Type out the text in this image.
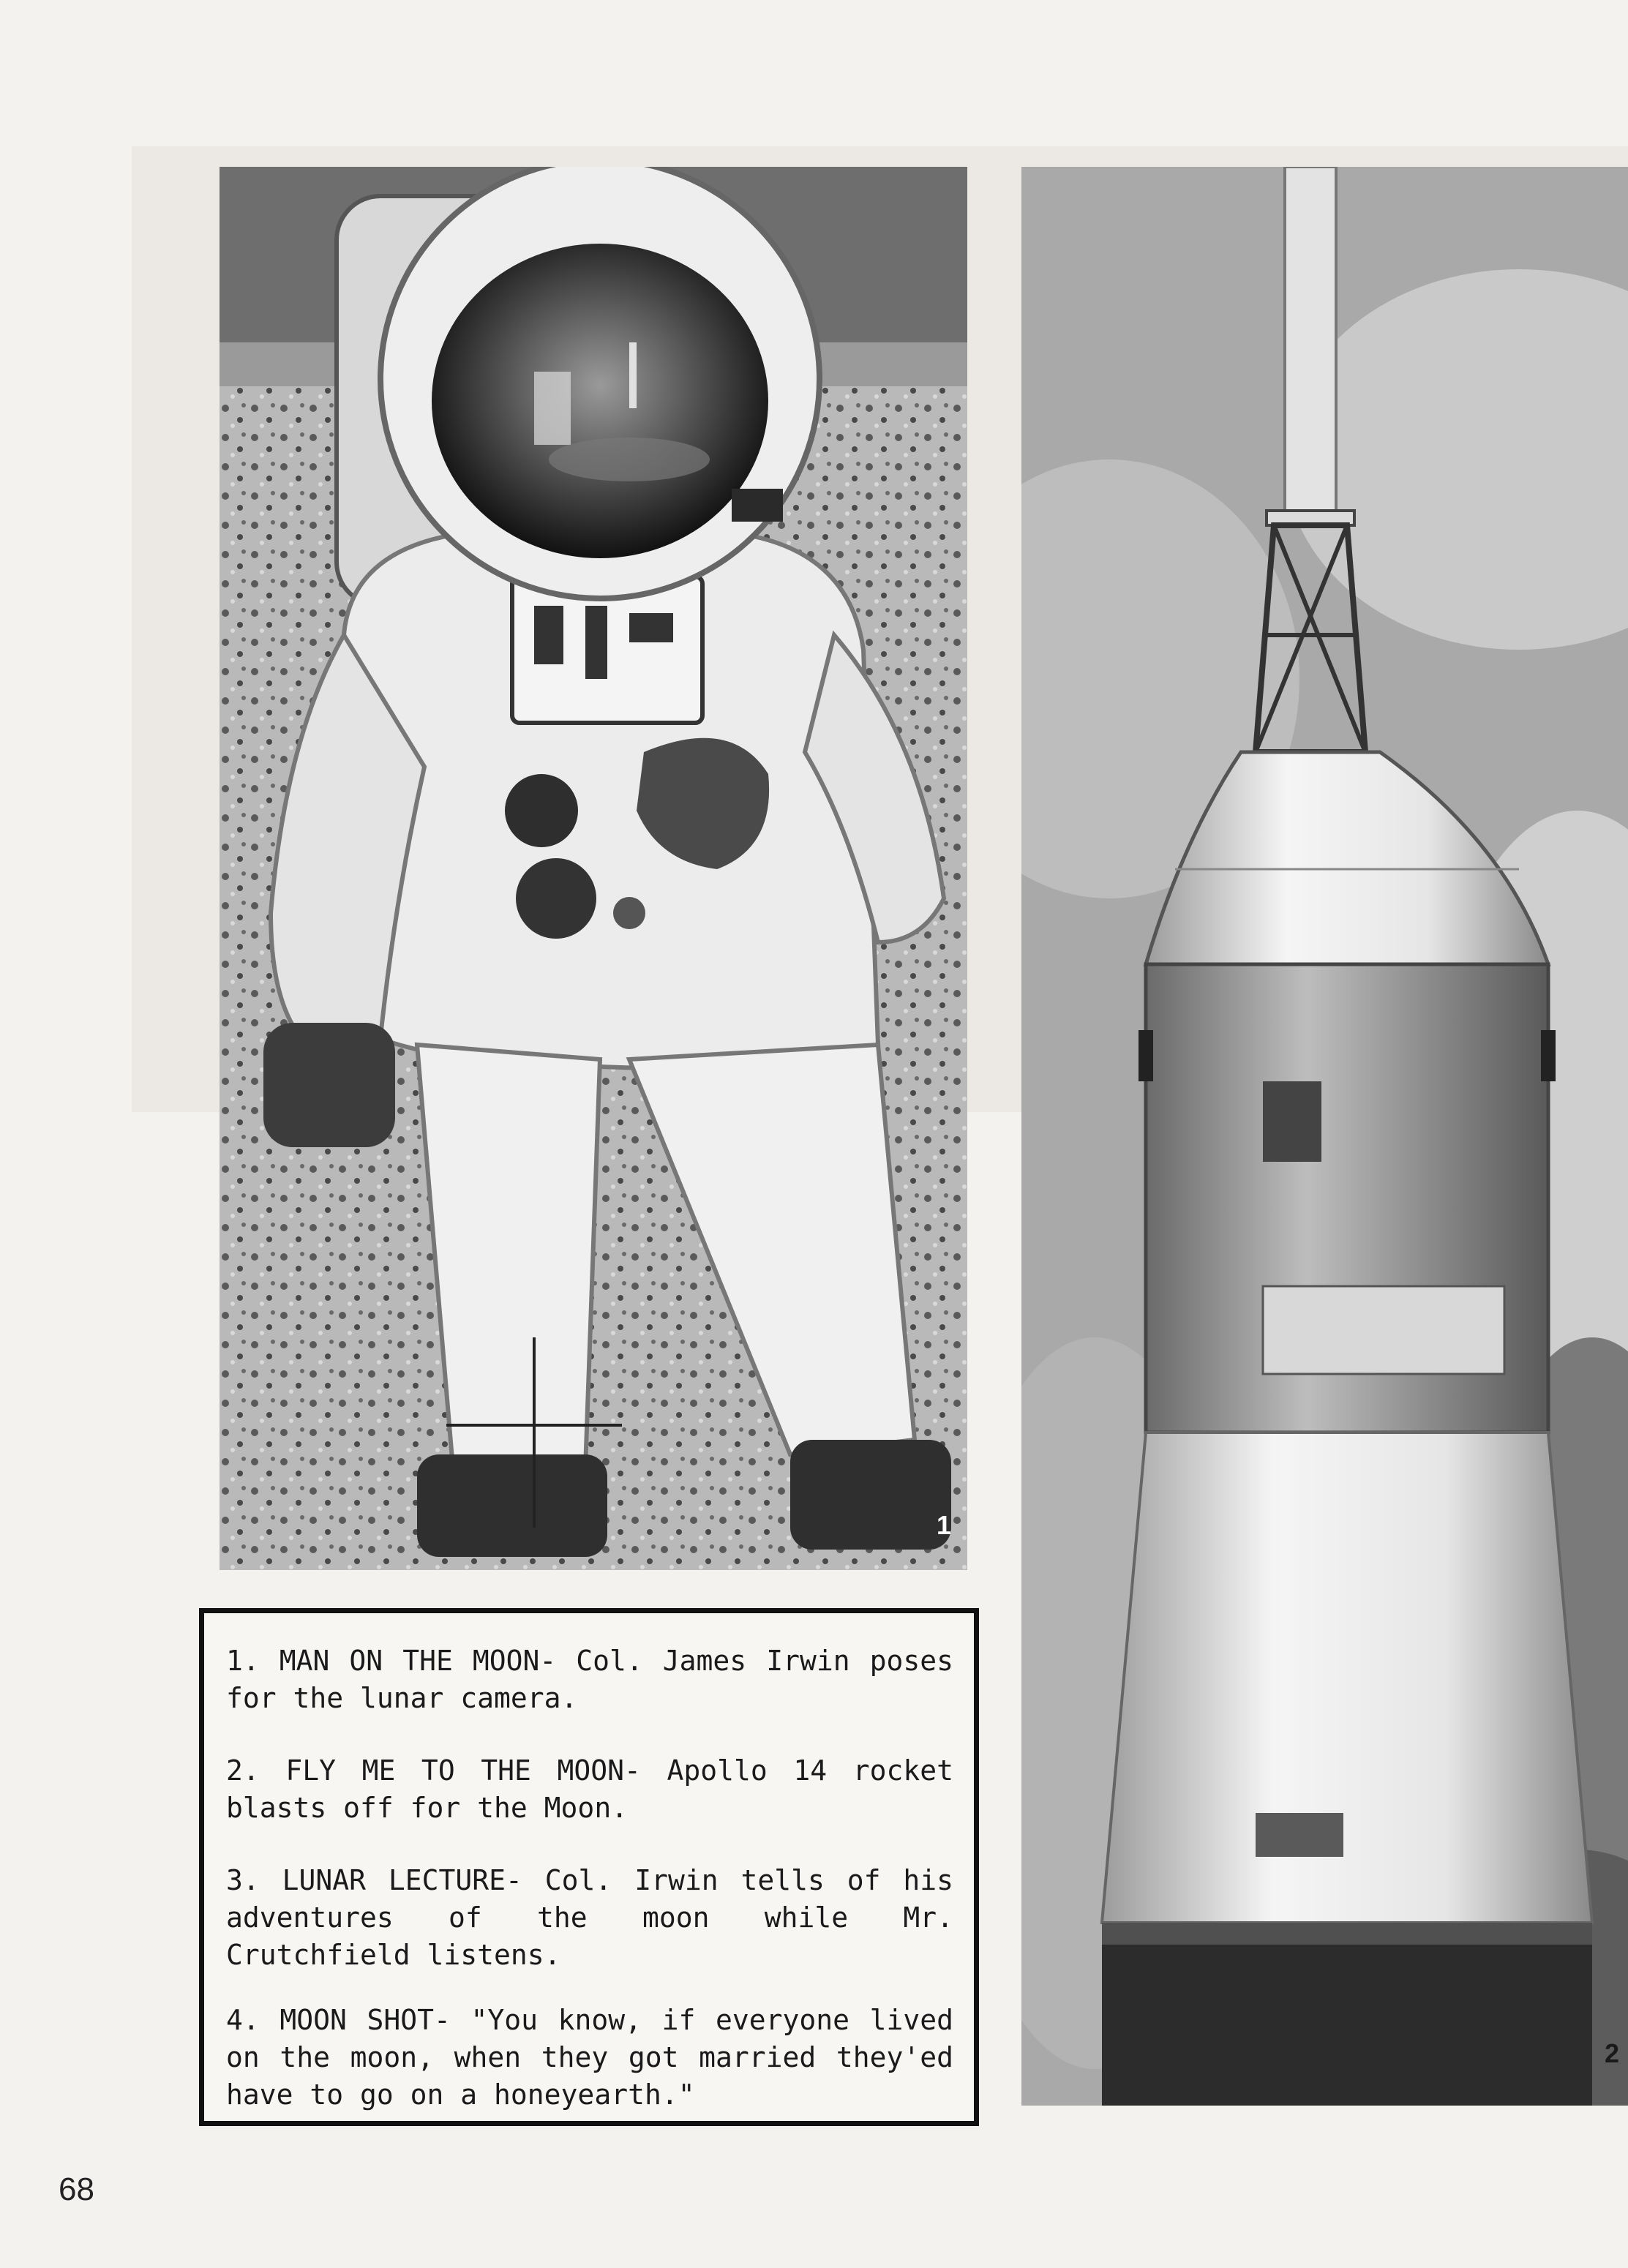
1
2

1. MAN ON THE MOON- Col. James Irwin poses for the lunar camera.

2. FLY ME TO THE MOON- Apollo 14 rocket blasts off for the Moon.

3. LUNAR LECTURE- Col. Irwin tells of his adventures of the moon while Mr. Crutchfield listens.

4. MOON SHOT- "You know, if everyone lived on the moon, when they got married they'ed have to go on a honeyearth."

68
